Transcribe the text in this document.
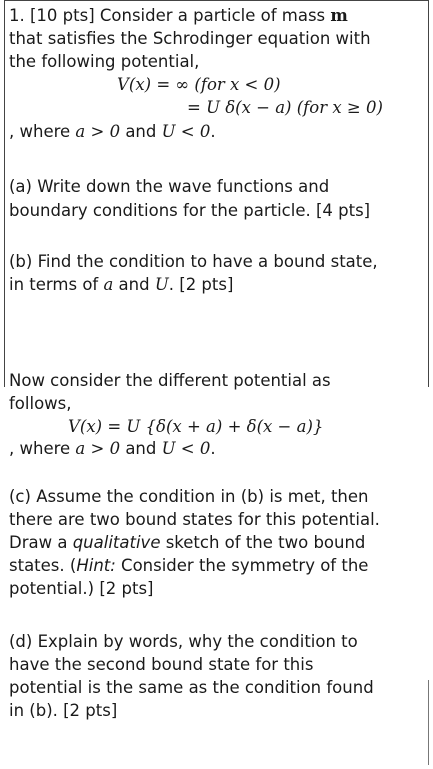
1. [10 pts] Consider a particle of mass m
that satisfies the Schrodinger equation with
the following potential,
V(x) = ∞ (for x < 0)
= U δ(x − a) (for x ≥ 0)
, where a > 0 and U < 0.
(a) Write down the wave functions and
boundary conditions for the particle. [4 pts]
(b) Find the condition to have a bound state,
in terms of a and U. [2 pts]
Now consider the different potential as
follows,
V(x) = U {δ(x + a) + δ(x − a)}
, where a > 0 and U < 0.
(c) Assume the condition in (b) is met, then
there are two bound states for this potential.
Draw a qualitative sketch of the two bound
states. (Hint: Consider the symmetry of the
potential.) [2 pts]
(d) Explain by words, why the condition to
have the second bound state for this
potential is the same as the condition found
in (b). [2 pts]
